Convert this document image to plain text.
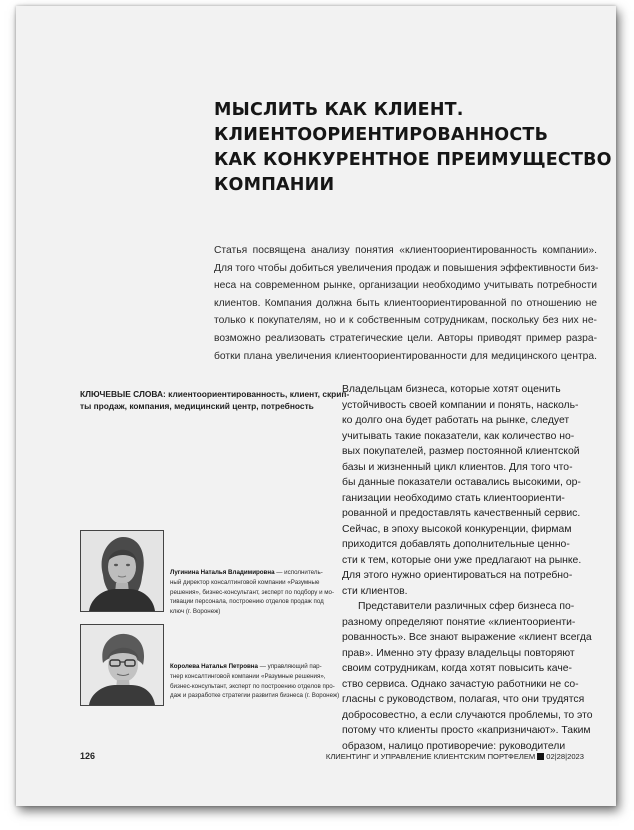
МЫСЛИТЬ КАК КЛИЕНТ.
КЛИЕНТООРИЕНТИРОВАННОСТЬ
КАК КОНКУРЕНТНОЕ ПРЕИМУЩЕСТВО
КОМПАНИИ
Статья посвящена анализу понятия «клиентоориентированность компании».
Для того чтобы добиться увеличения продаж и повышения эффективности биз-
неса на современном рынке, организации необходимо учитывать потребности
клиентов. Компания должна быть клиентоориентированной по отношению не
только к покупателям, но и к собственным сотрудникам, поскольку без них не-
возможно реализовать стратегические цели. Авторы приводят пример разра-
ботки плана увеличения клиентоориентированности для медицинского центра.
КЛЮЧЕВЫЕ СЛОВА: клиентоориентированность, клиент, скрип-
ты продаж, компания, медицинский центр, потребность
Владельцам бизнеса, которые хотят оценить
устойчивость своей компании и понять, насколь-
ко долго она будет работать на рынке, следует
учитывать такие показатели, как количество но-
вых покупателей, размер постоянной клиентской
базы и жизненный цикл клиентов. Для того что-
бы данные показатели оставались высокими, ор-
ганизации необходимо стать клиентоориенти-
рованной и предоставлять качественный сервис.
Сейчас, в эпоху высокой конкуренции, фирмам
приходится добавлять дополнительные ценно-
сти к тем, которые они уже предлагают на рынке.
Для этого нужно ориентироваться на потребно-
сти клиентов.
Представители различных сфер бизнеса по-
разному определяют понятие «клиентоориенти-
рованность». Все знают выражение «клиент всегда
прав». Именно эту фразу владельцы повторяют
своим сотрудникам, когда хотят повысить каче-
ство сервиса. Однако зачастую работники не со-
гласны с руководством, полагая, что они трудятся
добросовестно, а если случаются проблемы, то это
потому что клиенты просто «капризничают». Таким
образом, налицо противоречие: руководители
Лугинина Наталья Владимировна — исполнитель-
ный директор консалтинговой компании «Разумные
решения», бизнес-консультант, эксперт по подбору и мо-
тивации персонала, построению отделов продаж под
ключ (г. Воронеж)
Королева Наталья Петровна — управляющий пар-
тнер консалтинговой компании «Разумные решения»,
бизнес-консультант, эксперт по построению отделов про-
даж и разработке стратегии развития бизнеса (г. Воронеж)
126	КЛИЕНТИНГ И УПРАВЛЕНИЕ КЛИЕНТСКИМ ПОРТФЕЛЕМ 02|28|2023
